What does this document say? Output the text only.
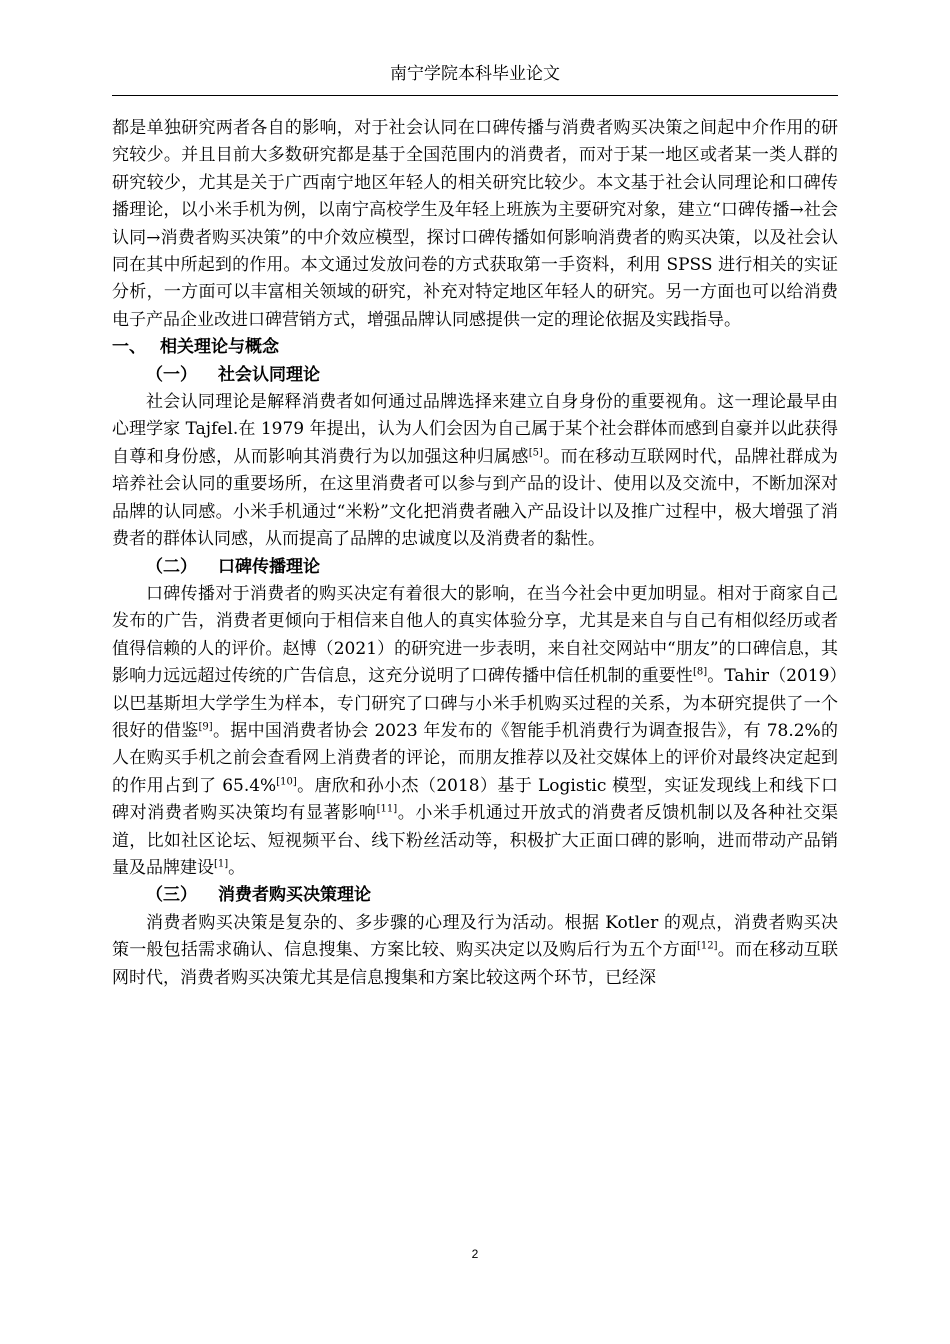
南宁学院本科毕业论文

都是单独研究两者各自的影响，对于社会认同在口碑传播与消费者购买决策之间起中介作用的研究较少。并且目前大多数研究都是基于全国范围内的消费者，而对于某一地区或者某一类人群的研究较少，尤其是关于广西南宁地区年轻人的相关研究比较少。本文基于社会认同理论和口碑传播理论，以小米手机为例，以南宁高校学生及年轻上班族为主要研究对象，建立“口碑传播→社会认同→消费者购买决策”的中介效应模型，探讨口碑传播如何影响消费者的购买决策，以及社会认同在其中所起到的作用。本文通过发放问卷的方式获取第一手资料，利用 SPSS 进行相关的实证分析，一方面可以丰富相关领域的研究，补充对特定地区年轻人的研究。另一方面也可以给消费电子产品企业改进口碑营销方式，增强品牌认同感提供一定的理论依据及实践指导。

一、 相关理论与概念
（一） 社会认同理论

社会认同理论是解释消费者如何通过品牌选择来建立自身身份的重要视角。这一理论最早由心理学家 Tajfel.在 1979 年提出，认为人们会因为自己属于某个社会群体而感到自豪并以此获得自尊和身份感，从而影响其消费行为以加强这种归属感[5]。而在移动互联网时代，品牌社群成为培养社会认同的重要场所，在这里消费者可以参与到产品的设计、使用以及交流中，不断加深对品牌的认同感。小米手机通过“米粉”文化把消费者融入产品设计以及推广过程中，极大增强了消费者的群体认同感，从而提高了品牌的忠诚度以及消费者的黏性。

（二） 口碑传播理论

口碑传播对于消费者的购买决定有着很大的影响，在当今社会中更加明显。相对于商家自己发布的广告，消费者更倾向于相信来自他人的真实体验分享，尤其是来自与自己有相似经历或者值得信赖的人的评价。赵博（2021）的研究进一步表明，来自社交网站中“朋友”的口碑信息，其影响力远远超过传统的广告信息，这充分说明了口碑传播中信任机制的重要性[8]。Tahir（2019）以巴基斯坦大学学生为样本，专门研究了口碑与小米手机购买过程的关系，为本研究提供了一个很好的借鉴[9]。据中国消费者协会 2023 年发布的《智能手机消费行为调查报告》，有 78.2%的人在购买手机之前会查看网上消费者的评论，而朋友推荐以及社交媒体上的评价对最终决定起到的作用占到了 65.4%[10]。唐欣和孙小杰（2018）基于 Logistic 模型，实证发现线上和线下口碑对消费者购买决策均有显著影响[11]。小米手机通过开放式的消费者反馈机制以及各种社交渠道，比如社区论坛、短视频平台、线下粉丝活动等，积极扩大正面口碑的影响，进而带动产品销量及品牌建设[1]。

（三） 消费者购买决策理论

消费者购买决策是复杂的、多步骤的心理及行为活动。根据 Kotler 的观点，消费者购买决策一般包括需求确认、信息搜集、方案比较、购买决定以及购后行为五个方面[12]。而在移动互联网时代，消费者购买决策尤其是信息搜集和方案比较这两个环节，已经深

2
